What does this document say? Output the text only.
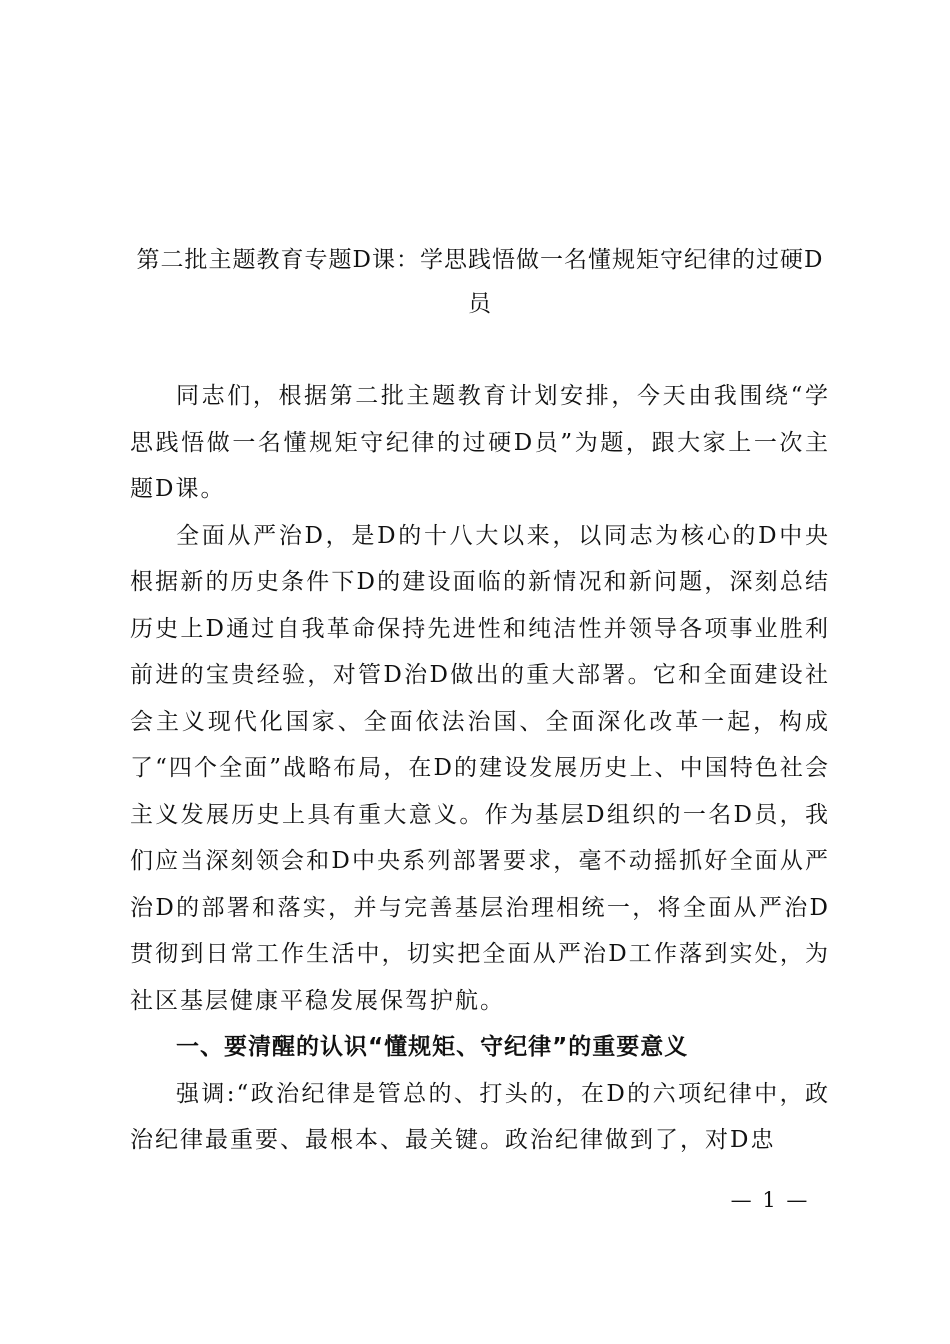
第二批主题教育专题D课：学思践悟做一名懂规矩守纪律的过硬D员

同志们，根据第二批主题教育计划安排，今天由我围绕“学思践悟做一名懂规矩守纪律的过硬D员”为题，跟大家上一次主题D课。

全面从严治D，是D的十八大以来，以同志为核心的D中央根据新的历史条件下D的建设面临的新情况和新问题，深刻总结历史上D通过自我革命保持先进性和纯洁性并领导各项事业胜利前进的宝贵经验，对管D治D做出的重大部署。它和全面建设社会主义现代化国家、全面依法治国、全面深化改革一起，构成了“四个全面”战略布局，在D的建设发展历史上、中国特色社会主义发展历史上具有重大意义。作为基层D组织的一名D员，我们应当深刻领会和D中央系列部署要求，毫不动摇抓好全面从严治D的部署和落实，并与完善基层治理相统一，将全面从严治D贯彻到日常工作生活中，切实把全面从严治D工作落到实处，为社区基层健康平稳发展保驾护航。

一、要清醒的认识“懂规矩、守纪律”的重要意义

强调:“政治纪律是管总的、打头的，在D的六项纪律中，政治纪律最重要、最根本、最关键。政治纪律做到了，对D忠

— 1 —
